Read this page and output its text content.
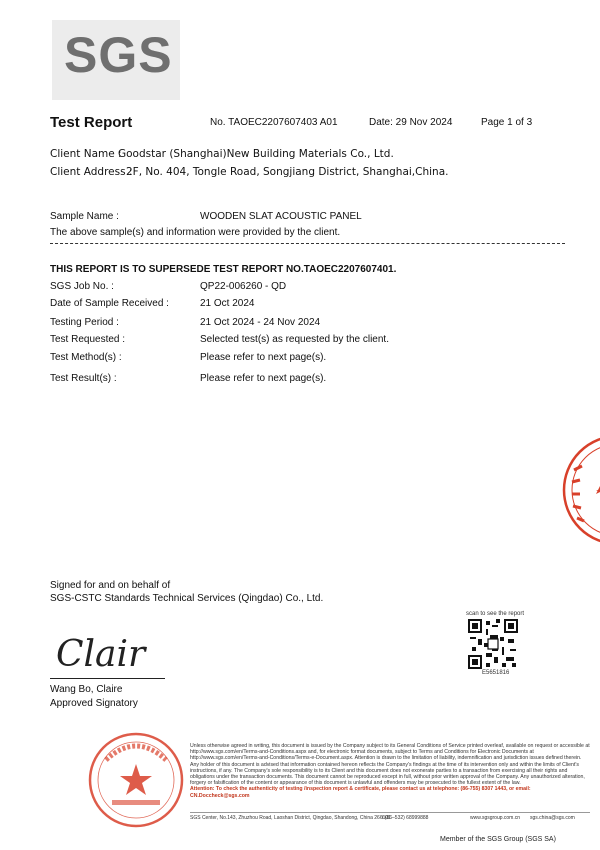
SGS
Test Report	No. TAOEC2207607403 A01	Date: 29 Nov 2024	Page 1 of 3
Client Name :
Goodstar (Shanghai)New Building Materials Co., Ltd.
Client Address :
2F, No. 404, Tongle Road, Songjiang District, Shanghai,China.
Sample Name :	WOODEN SLAT ACOUSTIC PANEL
The above sample(s) and information were provided by the client.
THIS REPORT IS TO SUPERSEDE TEST REPORT NO.TAOEC2207607401.
SGS Job No. :	QP22-006260 - QD
Date of Sample Received :	21 Oct 2024
Testing Period :	21 Oct 2024 - 24 Nov 2024
Test Requested :	Selected test(s) as requested by the client.
Test Method(s) :	Please refer to next page(s).
Test Result(s) :	Please refer to next page(s).
Signed for and on behalf of
SGS-CSTC Standards Technical Services (Qingdao) Co., Ltd.
Clair
Wang Bo, Claire
Approved Signatory
scan to see the report
E5651816
Unless otherwise agreed in writing, this document is issued by the Company subject to its General Conditions of Service printed overleaf, available on request or accessible at http://www.sgs.com/en/Terms-and-Conditions.aspx and, for electronic format documents, subject to Terms and Conditions for Electronic Documents at http://www.sgs.com/en/Terms-and-Conditions/Terms-e-Document.aspx. Attention is drawn to the limitation of liability, indemnification and jurisdiction issues defined therein. Any holder of this document is advised that information contained hereon reflects the Company's findings at the time of its intervention only and within the limits of Client's instructions, if any. The Company's sole responsibility is to its Client and this document does not exonerate parties to a transaction from exercising all their rights and obligations under the transaction documents. This document cannot be reproduced except in full, without prior written approval of the Company. Any unauthorized alteration, forgery or falsification of the content or appearance of this document is unlawful and offenders may be prosecuted to the fullest extent of the law.
Attention: To check the authenticity of testing /inspection report & certificate, please contact us at telephone: (86-755) 8307 1443, or email: CN.Doccheck@sgs.com
SGS Center, No.143, Zhuzhou Road, Laoshan District, Qingdao, Shandong, China 266101
t (86–532) 68999888	www.sgsgroup.com.cn sgs.china@sgs.com
Member of the SGS Group (SGS SA)
